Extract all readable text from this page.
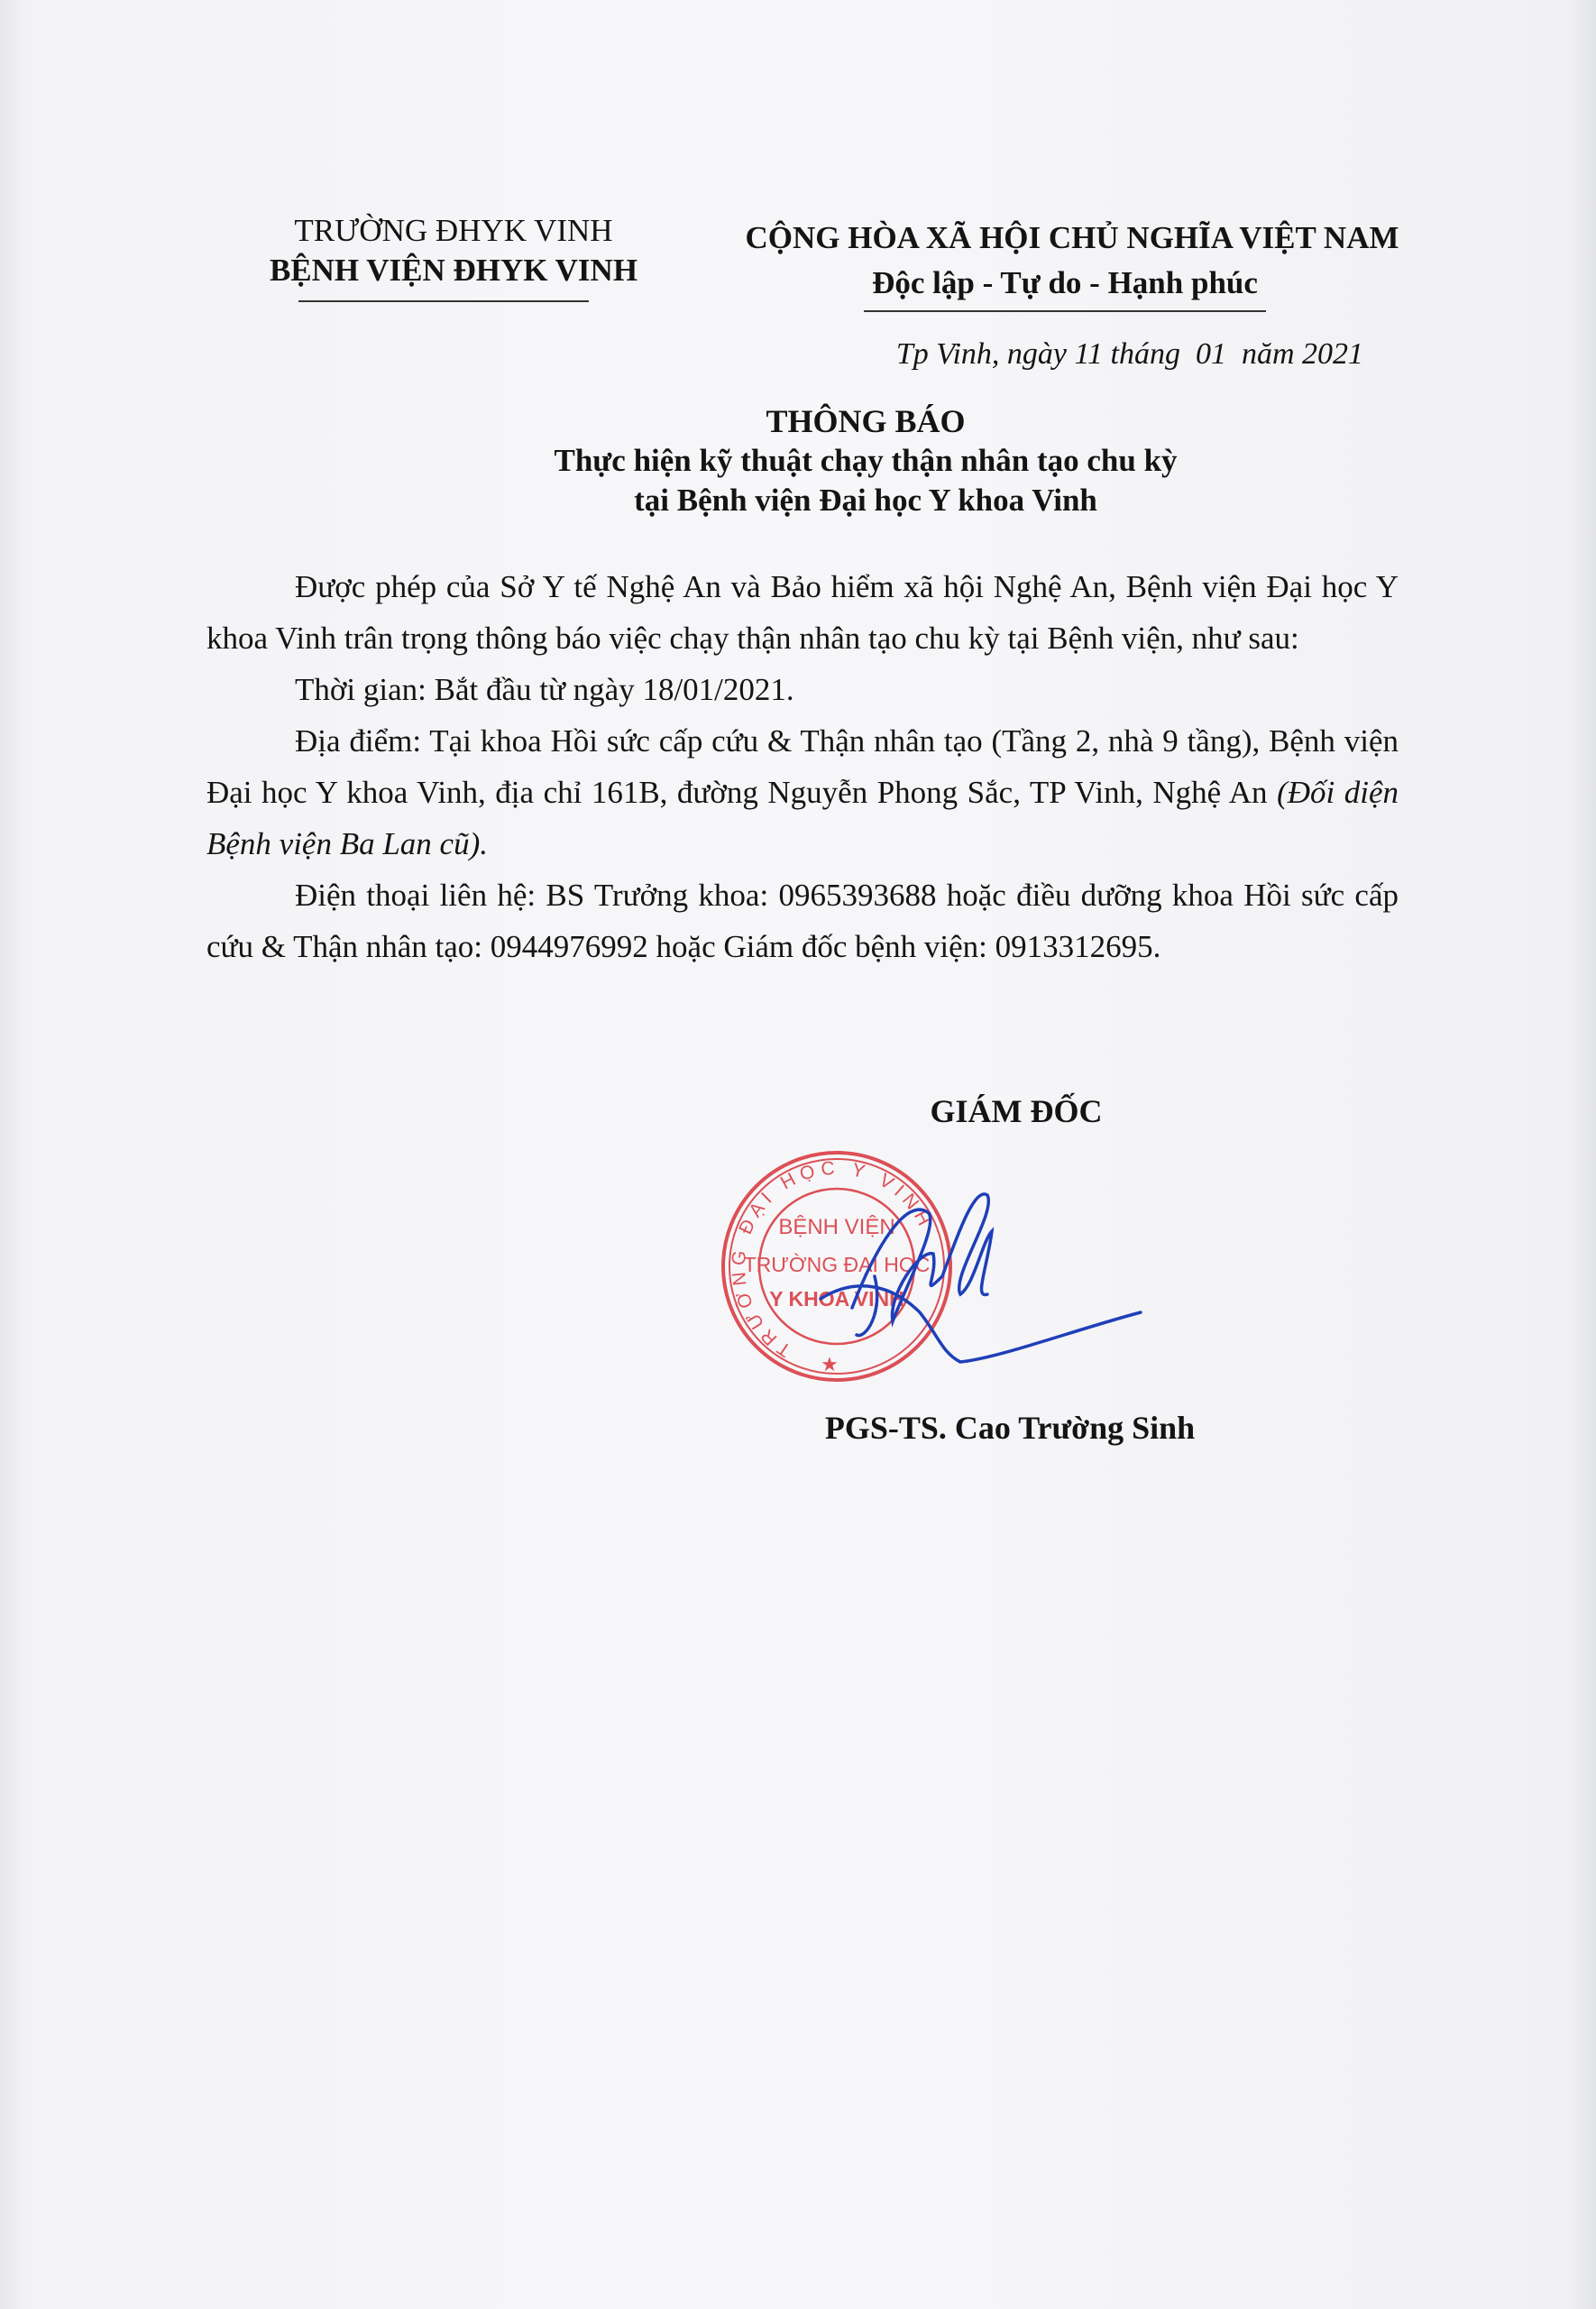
TRƯỜNG ĐHYK VINH
BỆNH VIỆN ĐHYK VINH
CỘNG HÒA XÃ HỘI CHỦ NGHĨA VIỆT NAM
Độc lập - Tự do - Hạnh phúc
Tp Vinh, ngày 11 tháng  01  năm 2021
THÔNG BÁO
Thực hiện kỹ thuật chạy thận nhân tạo chu kỳ
tại Bệnh viện Đại học Y khoa Vinh

Được phép của Sở Y tế Nghệ An và Bảo hiểm xã hội Nghệ An, Bệnh viện Đại học Y khoa Vinh trân trọng thông báo việc chạy thận nhân tạo chu kỳ tại Bệnh viện, như sau:

Thời gian: Bắt đầu từ ngày 18/01/2021.

Địa điểm: Tại khoa Hồi sức cấp cứu & Thận nhân tạo (Tầng 2, nhà 9 tầng), Bệnh viện Đại học Y khoa Vinh, địa chỉ 161B, đường Nguyễn Phong Sắc, TP Vinh, Nghệ An (Đối diện Bệnh viện Ba Lan cũ).

Điện thoại liên hệ: BS Trưởng khoa: 0965393688 hoặc điều dưỡng khoa Hồi sức cấp cứu & Thận nhân tạo: 0944976992 hoặc Giám đốc bệnh viện: 0913312695.

GIÁM ĐỐC
TRƯỜNG ĐẠI HỌC Y VINH
BỆNH VIỆN
TRƯỜNG ĐẠI HỌC
Y KHOA VINH
★
PGS-TS. Cao Trường Sinh
